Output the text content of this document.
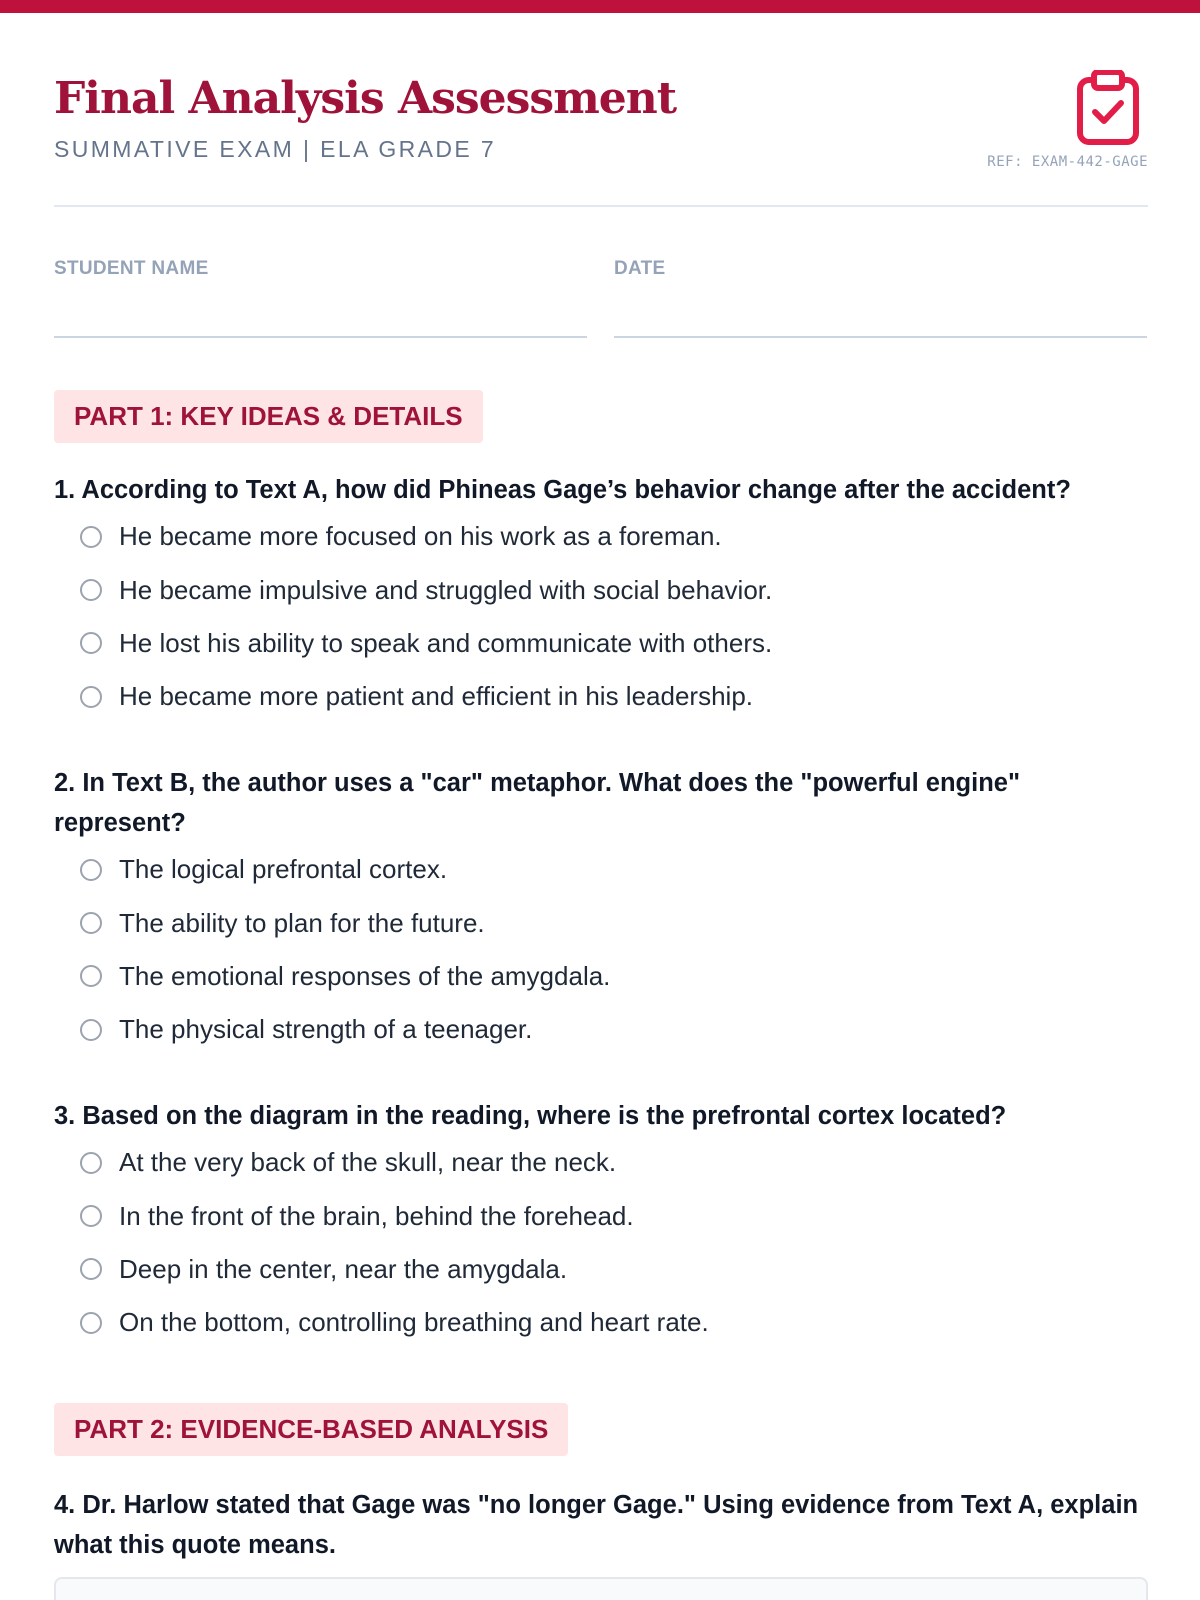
Final Analysis Assessment
SUMMATIVE EXAM | ELA GRADE 7	REF: EXAM-442-GAGE
STUDENT NAME	DATE
PART 1: KEY IDEAS & DETAILS

1. According to Text A, how did Phineas Gage’s behavior change after the accident?

He became more focused on his work as a foreman.
He became impulsive and struggled with social behavior.
He lost his ability to speak and communicate with others.
He became more patient and efficient in his leadership.

2. In Text B, the author uses a "car" metaphor. What does the "powerful engine" represent?

The logical prefrontal cortex.
The ability to plan for the future.
The emotional responses of the amygdala.
The physical strength of a teenager.

3. Based on the diagram in the reading, where is the prefrontal cortex located?

At the very back of the skull, near the neck.
In the front of the brain, behind the forehead.
Deep in the center, near the amygdala.
On the bottom, controlling breathing and heart rate.
PART 2: EVIDENCE-BASED ANALYSIS

4. Dr. Harlow stated that Gage was "no longer Gage." Using evidence from Text A, explain what this quote means.
